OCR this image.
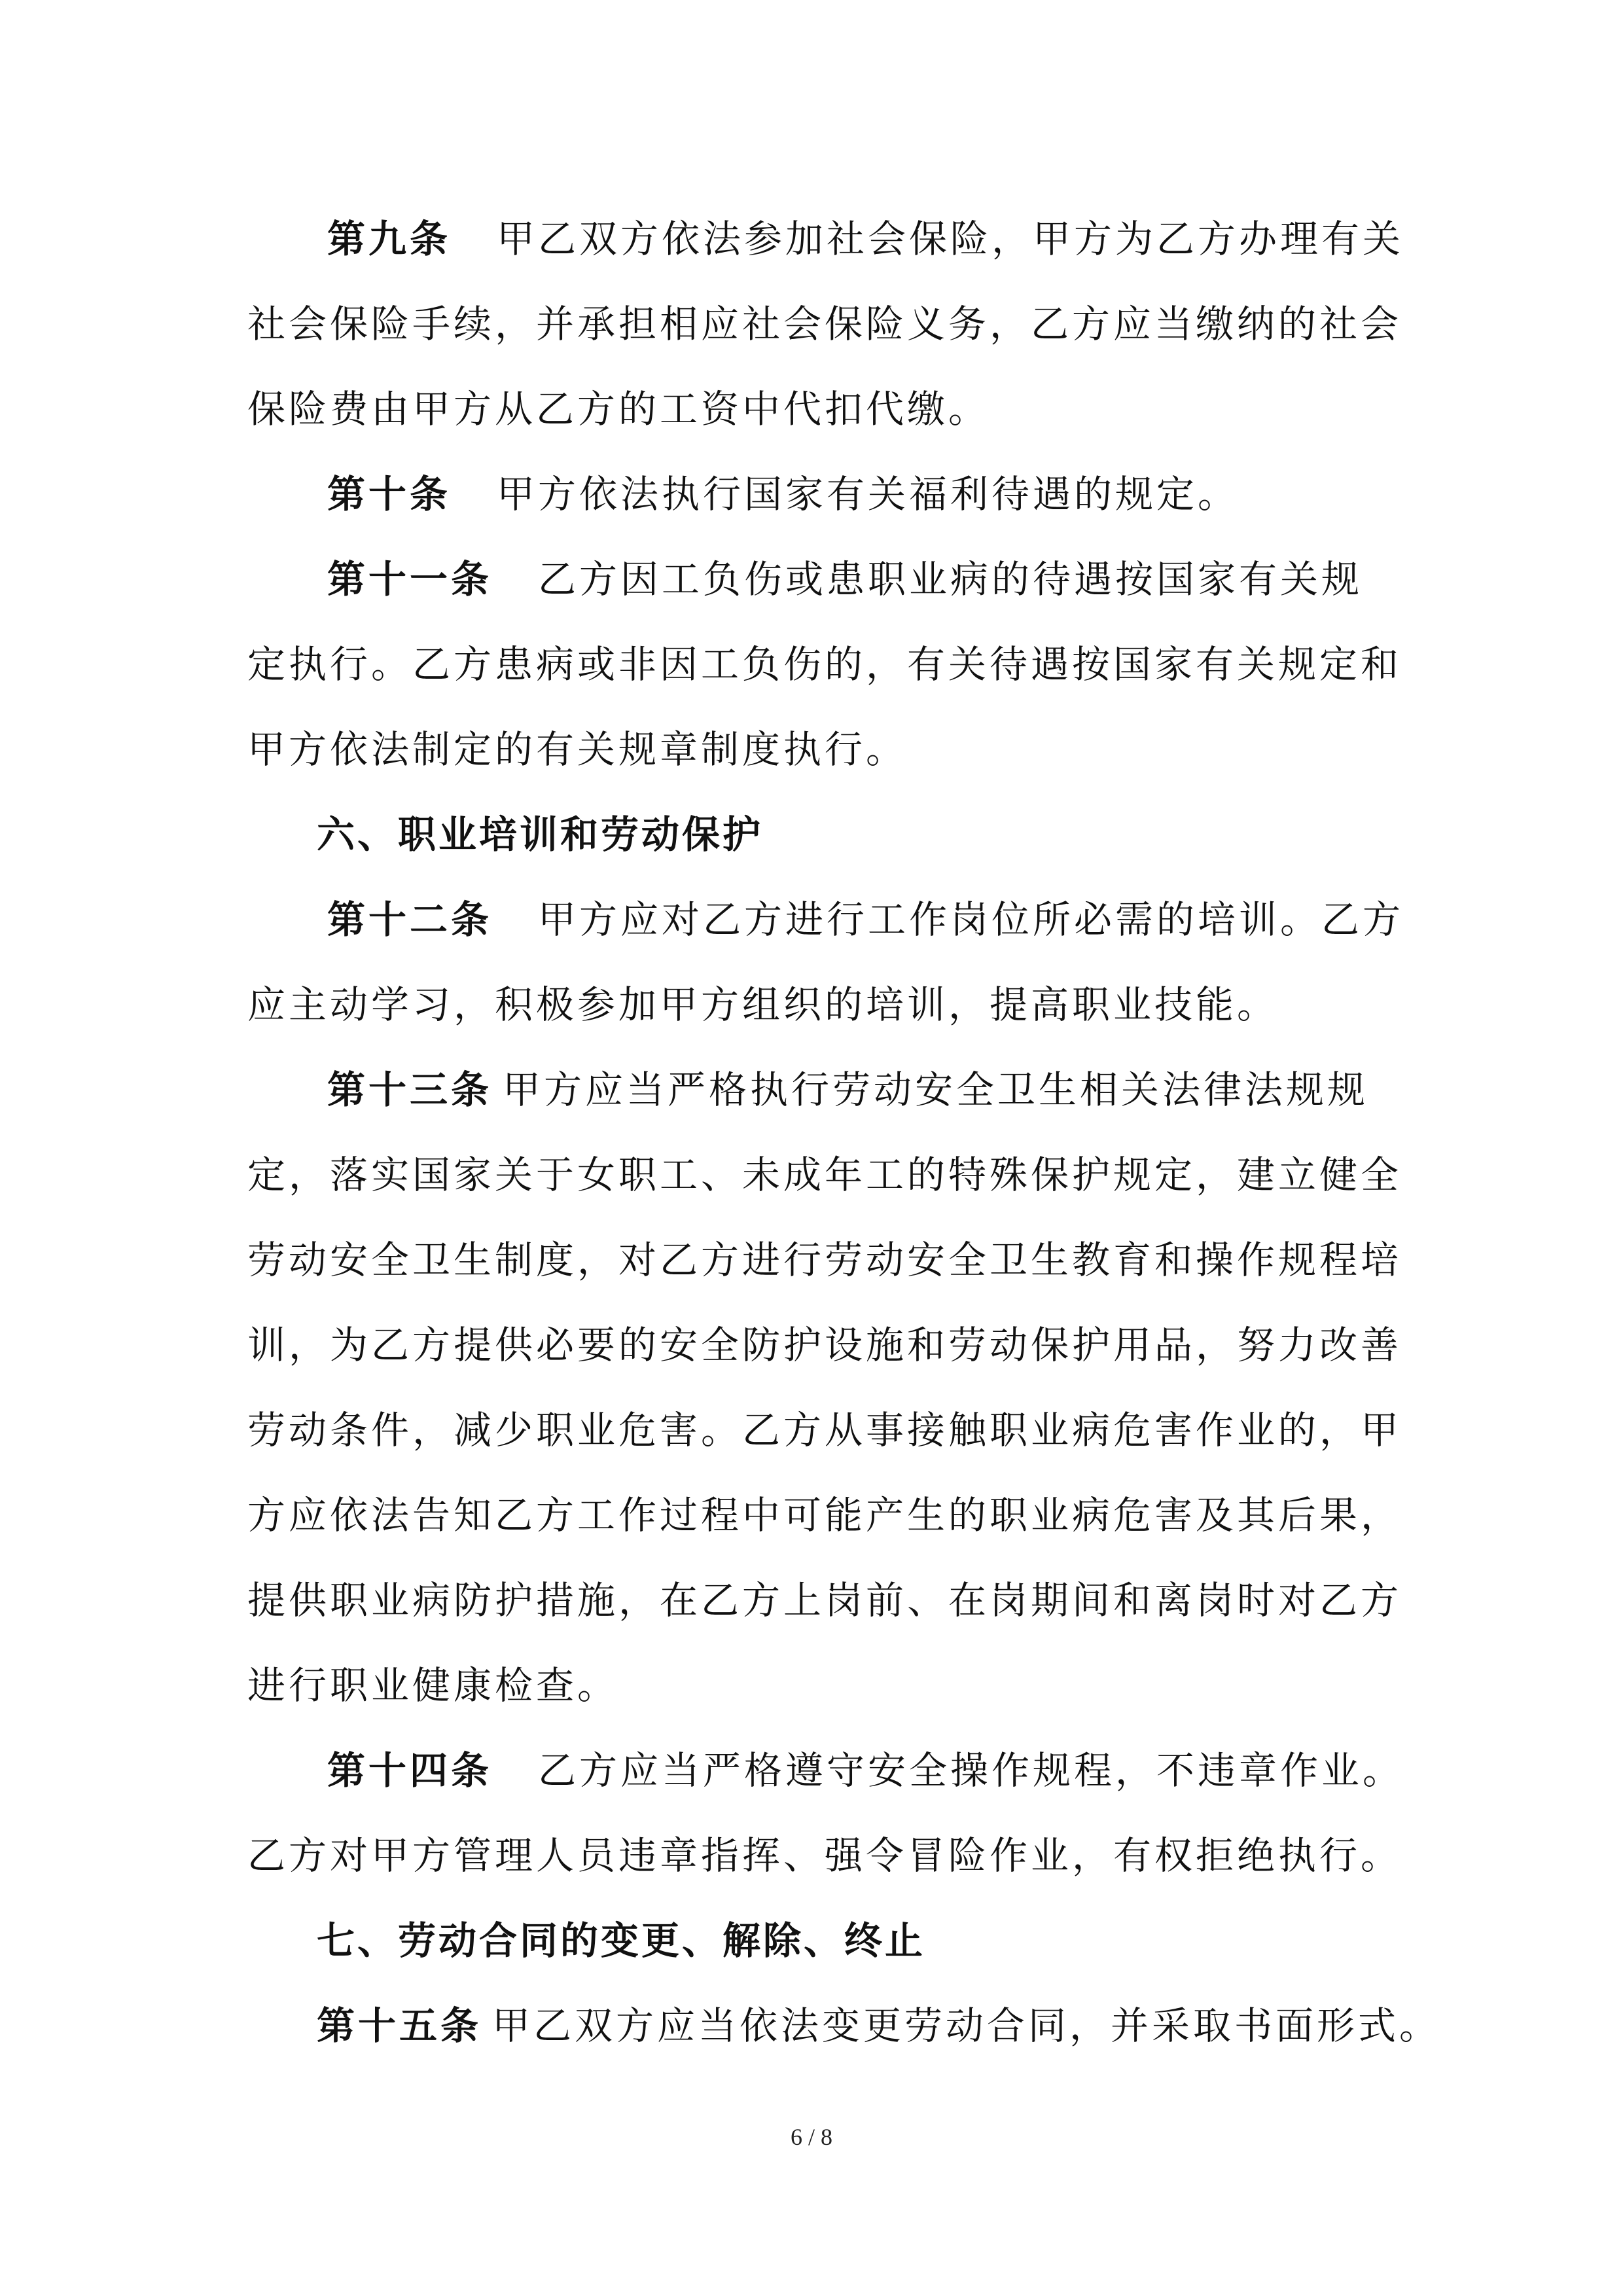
第九条 甲乙双方依法参加社会保险，甲方为乙方办理有关
社会保险手续，并承担相应社会保险义务，乙方应当缴纳的社会
保险费由甲方从乙方的工资中代扣代缴。
第十条 甲方依法执行国家有关福利待遇的规定。
第十一条 乙方因工负伤或患职业病的待遇按国家有关规
定执行。乙方患病或非因工负伤的，有关待遇按国家有关规定和
甲方依法制定的有关规章制度执行。
六、职业培训和劳动保护
第十二条 甲方应对乙方进行工作岗位所必需的培训。乙方
应主动学习，积极参加甲方组织的培训，提高职业技能。
第十三条 甲方应当严格执行劳动安全卫生相关法律法规规
定，落实国家关于女职工、未成年工的特殊保护规定，建立健全
劳动安全卫生制度，对乙方进行劳动安全卫生教育和操作规程培
训，为乙方提供必要的安全防护设施和劳动保护用品，努力改善
劳动条件，减少职业危害。乙方从事接触职业病危害作业的，甲
方应依法告知乙方工作过程中可能产生的职业病危害及其后果，
提供职业病防护措施，在乙方上岗前、在岗期间和离岗时对乙方
进行职业健康检查。
第十四条 乙方应当严格遵守安全操作规程，不违章作业。
乙方对甲方管理人员违章指挥、强令冒险作业，有权拒绝执行。
七、劳动合同的变更、解除、终止
第十五条 甲乙双方应当依法变更劳动合同，并采取书面形式。
6 / 8
